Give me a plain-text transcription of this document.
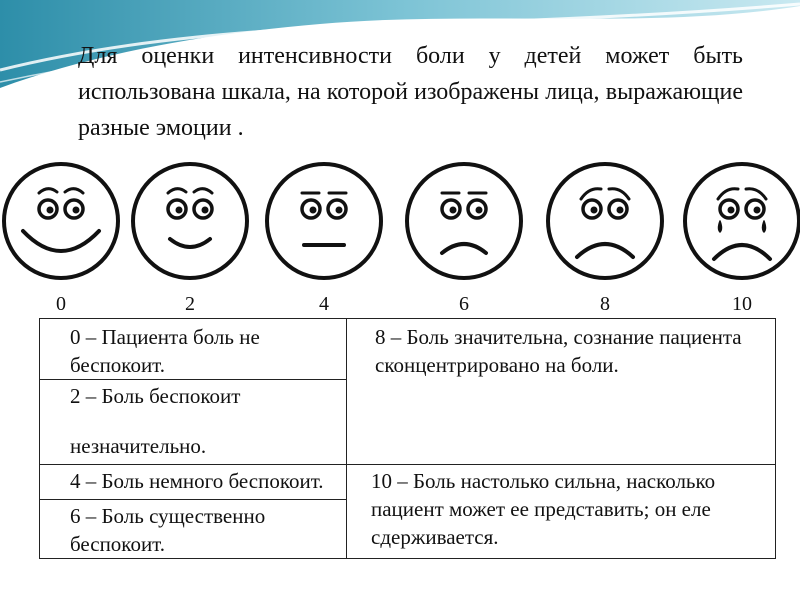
Для оценки интенсивности боли у детей может быть использована шкала, на которой изображены лица, выражающие разные эмоции .
0	2	4	6	8	10
0 – Пациента боль не беспокоит.	8 – Боль значительна, сознание пациента сконцентрировано на боли.

2 – Боль беспокоит
незначительно.	

4 – Боль немного беспокоит.	10 – Боль настолько сильна, насколько пациент может ее представить; он еле сдерживается.

6 – Боль существенно беспокоит.	
